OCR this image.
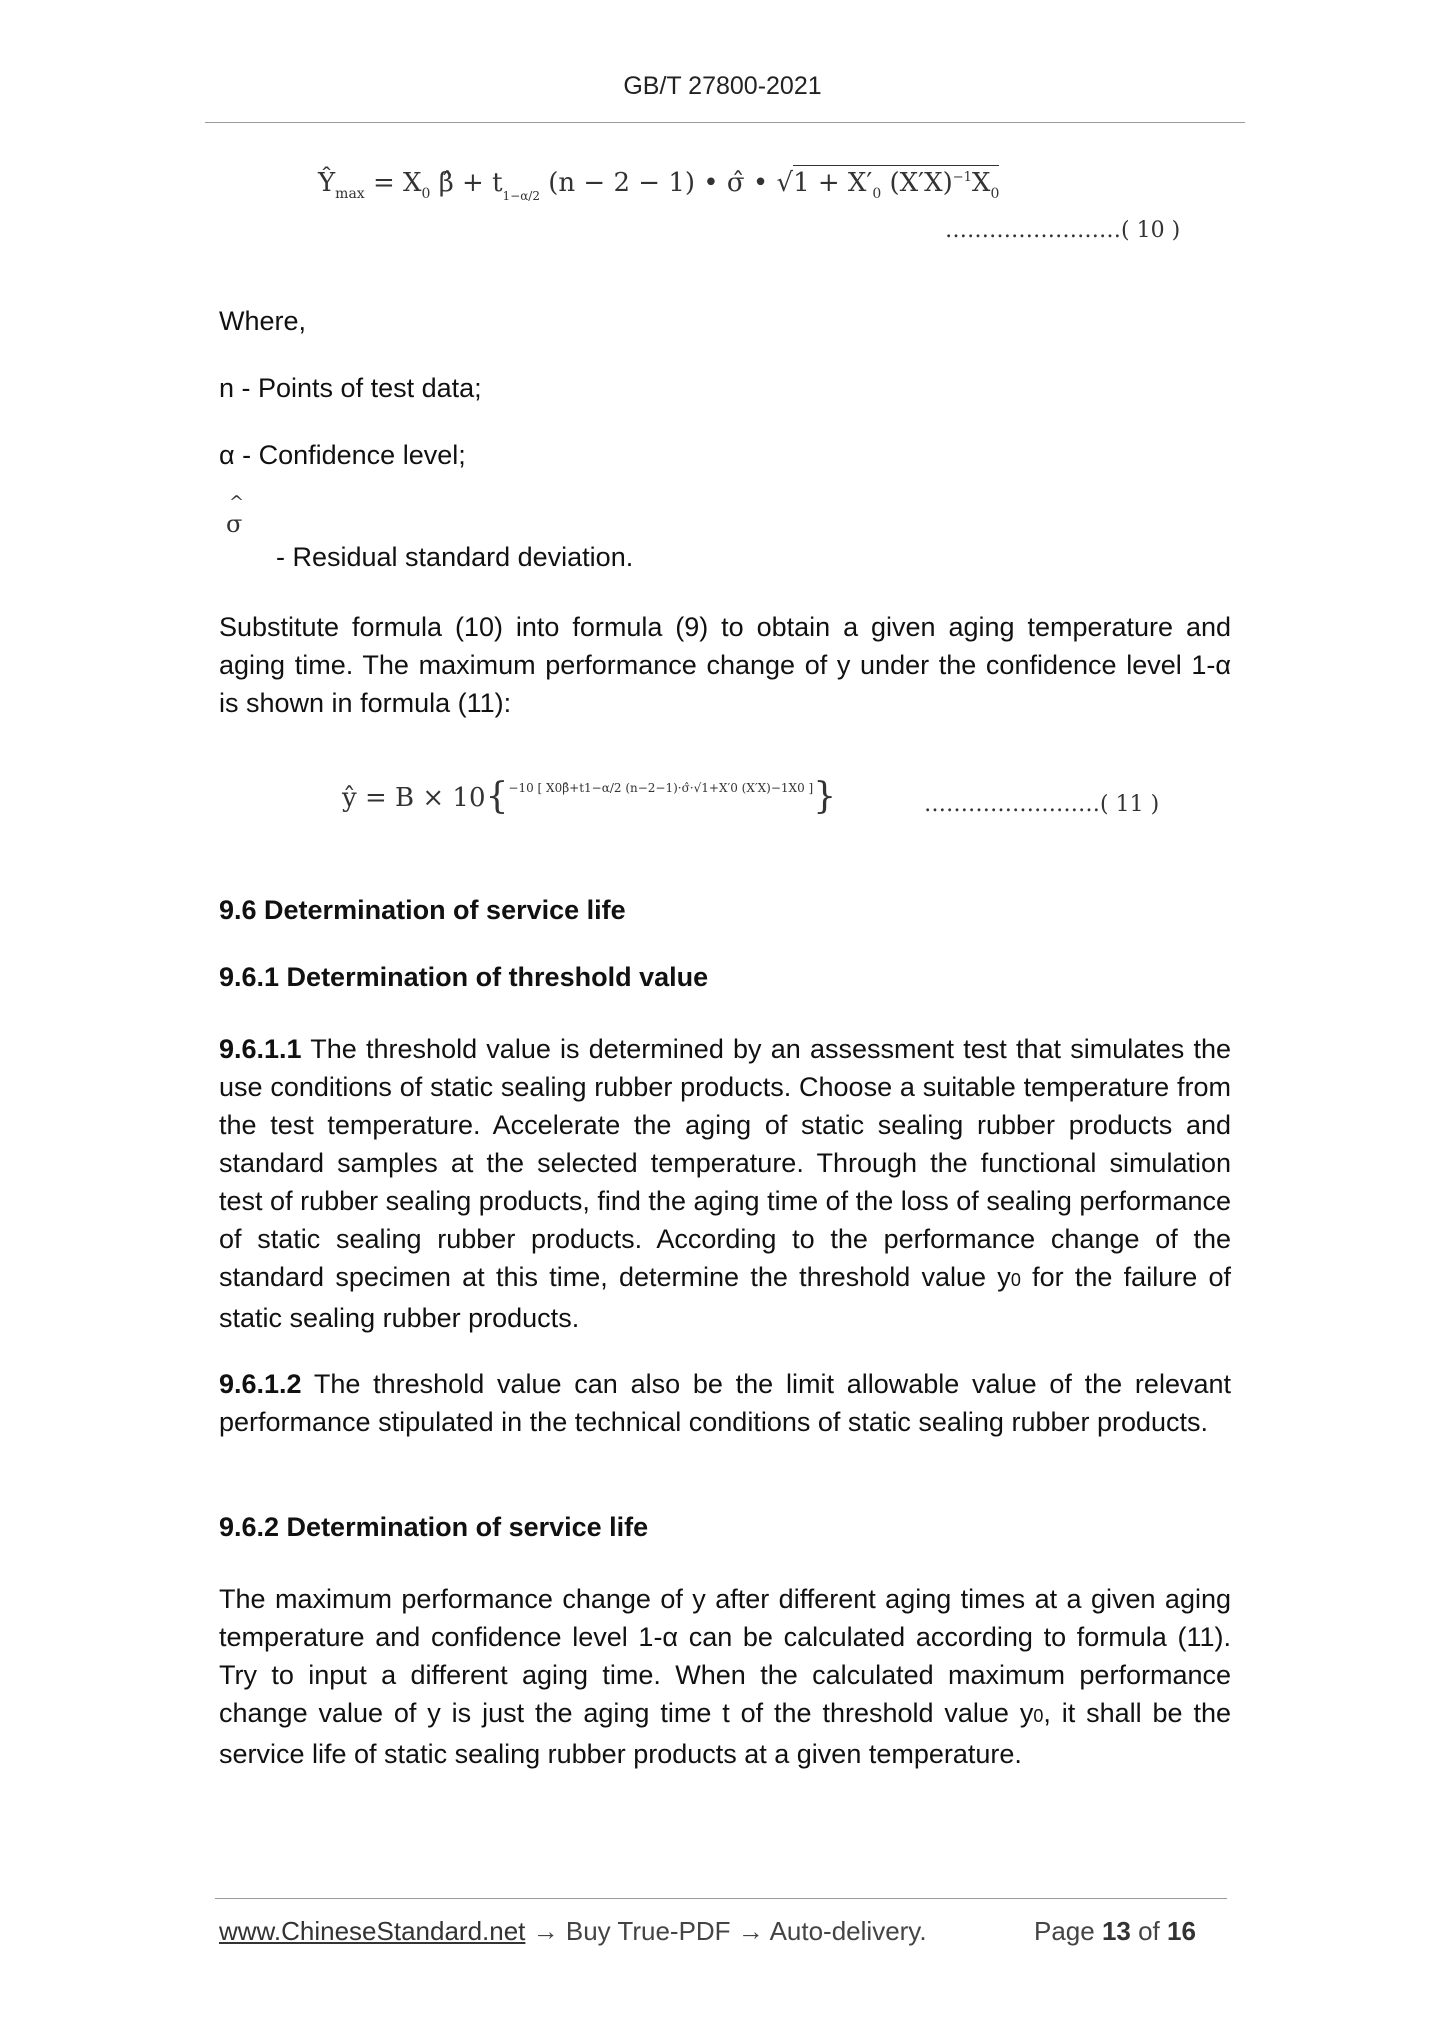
GB/T 27800-2021
$Ŷ_{max} = X_0$ β̂ + $t_{1-\alpha/2}$ (n − 2 − 1) • σ̂ • $√1 + X'_0$ $(X'X)^{-1}X_0$
……………………( 10 )
Where,
n - Points of test data;
α - Confidence level;
^
σ
- Residual standard deviation.
Substitute formula (10) into formula (9) to obtain a given aging temperature and aging time. The maximum performance change of y under the confidence level 1-α is shown in formula (11):
ŷ = B × 10{$^{-10 [ X0\betâ+t1-\alpha/2 (n-2-1)\cdot\sigmâ\cdot√1+X'0 (X'X)-1X0 ]}$}	……………………( 11 )
9.6 Determination of service life
9.6.1 Determination of threshold value
9.6.1.1 The threshold value is determined by an assessment test that simulates the use conditions of static sealing rubber products. Choose a suitable temperature from the test temperature. Accelerate the aging of static sealing rubber products and standard samples at the selected temperature. Through the functional simulation test of rubber sealing products, find the aging time of the loss of sealing performance of static sealing rubber products. According to the performance change of the standard specimen at this time, determine the threshold value y0 for the failure of static sealing rubber products.
9.6.1.2 The threshold value can also be the limit allowable value of the relevant performance stipulated in the technical conditions of static sealing rubber products.
9.6.2 Determination of service life
The maximum performance change of y after different aging times at a given aging temperature and confidence level 1-α can be calculated according to formula (11). Try to input a different aging time. When the calculated maximum performance change value of y is just the aging time t of the threshold value y0, it shall be the service life of static sealing rubber products at a given temperature.
www.ChineseStandard.net → Buy True-PDF → Auto-delivery.	Page 13 of 16
